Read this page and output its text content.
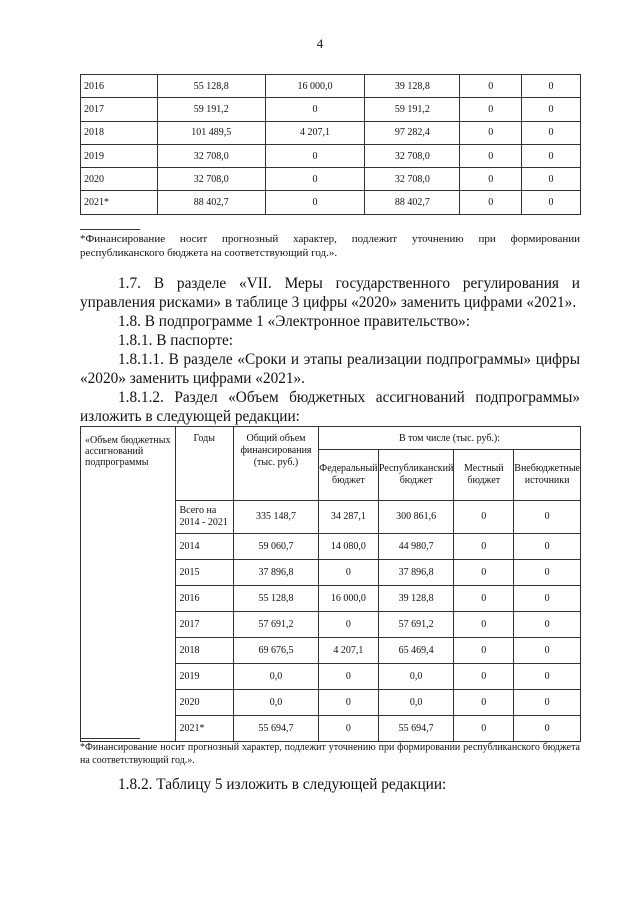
4
2016	55 128,8	16 000,0	39 128,8	0	0
2017	59 191,2	0	59 191,2	0	0
2018	101 489,5	4 207,1	97 282,4	0	0
2019	32 708,0	0	32 708,0	0	0
2020	32 708,0	0	32 708,0	0	0
2021*	88 402,7	0	88 402,7	0	0
*Финансирование носит прогнозный характер, подлежит уточнению при формировании республиканского бюджета на соответствующий год.».

1.7. В разделе «VII. Меры государственного регулирования и управления рисками» в таблице 3 цифры «2020» заменить цифрами «2021».

1.8. В подпрограмме 1 «Электронное правительство»:

1.8.1. В паспорте:

1.8.1.1. В разделе «Сроки и этапы реализации подпрограммы» цифры «2020» заменить цифрами «2021».

1.8.1.2. Раздел «Объем бюджетных ассигнований подпрограммы» изложить в следующей редакции:

«Объем бюджетных ассигнований подпрограммы	Годы	Общий объем финансирования (тыс. руб.)	В том числе (тыс. руб.):			
			Федеральный бюджет	Республиканский бюджет	Местный бюджет	Внебюджетные источники
	Всего на 2014 - 2021	335 148,7	34 287,1	300 861,6	0	0
	2014	59 060,7	14 080,0	44 980,7	0	0
	2015	37 896,8	0	37 896,8	0	0
	2016	55 128,8	16 000,0	39 128,8	0	0
	2017	57 691,2	0	57 691,2	0	0
	2018	69 676,5	4 207,1	65 469,4	0	0
	2019	0,0	0	0,0	0	0
	2020	0,0	0	0,0	0	0
	2021*	55 694,7	0	55 694,7	0	0
*Финансирование носит прогнозный характер, подлежит уточнению при формировании республиканского бюджета на соответствующий год.».

1.8.2. Таблицу 5 изложить в следующей редакции:
